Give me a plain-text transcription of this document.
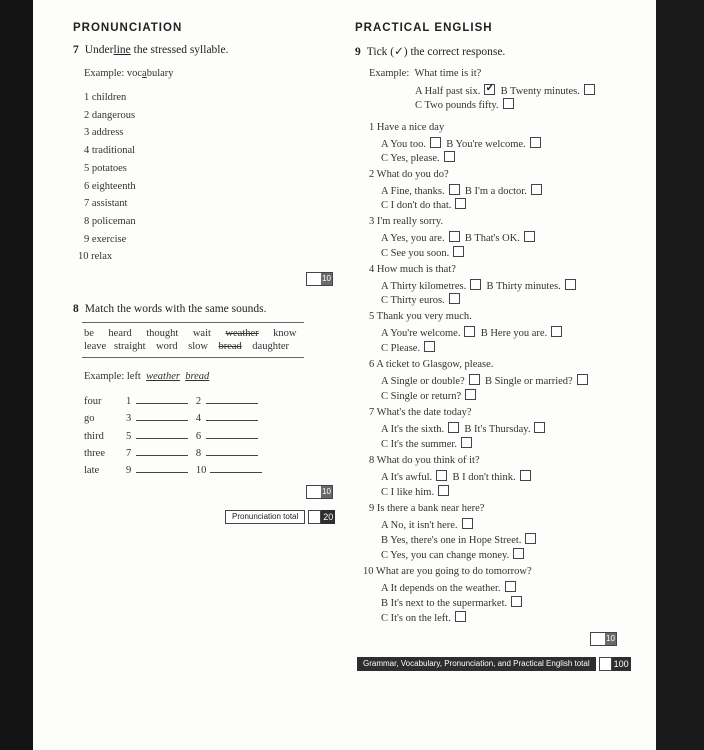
PRONUNCIATION
7 Underline the stressed syllable.
Example: vocabulary
1 children
2 dangerous
3 address
4 traditional
5 potatoes
6 eighteenth
7 assistant
8 policeman
9 exercise
10 relax
10
8 Match the words with the same sounds.
be heard thought wait weather know
leave straight word slow bread daughter
Example: left weather bread
four 1	2
go	3	4
third 5	6
three 7	8
late	9	10
10
Pronunciation total	20
PRACTICAL ENGLISH
9 Tick (✓) the correct response.
Example: What time is it?
A Half past six. ✓ B Twenty minutes.
C Two pounds fifty.
1 Have a nice day
A You too. B You're welcome.
C Yes, please.
2 What do you do?
A Fine, thanks. B I'm a doctor.
C I don't do that.
3 I'm really sorry.
A Yes, you are. B That's OK.
C See you soon.
4 How much is that?
A Thirty kilometres. B Thirty minutes.
C Thirty euros.
5 Thank you very much.
A You're welcome. B Here you are.
C Please.
6 A ticket to Glasgow, please.
A Single or double? B Single or married?
C Single or return?
7 What's the date today?
A It's the sixth. B It's Thursday.
C It's the summer.
8 What do you think of it?
A It's awful. B I don't think.
C I like him.
9 Is there a bank near here?
A No, it isn't here.
B Yes, there's one in Hope Street.
C Yes, you can change money.
10 What are you going to do tomorrow?
A It depends on the weather.
B It's next to the supermarket.
C It's on the left.
10
Grammar, Vocabulary, Pronunciation, and Practical English total	100
